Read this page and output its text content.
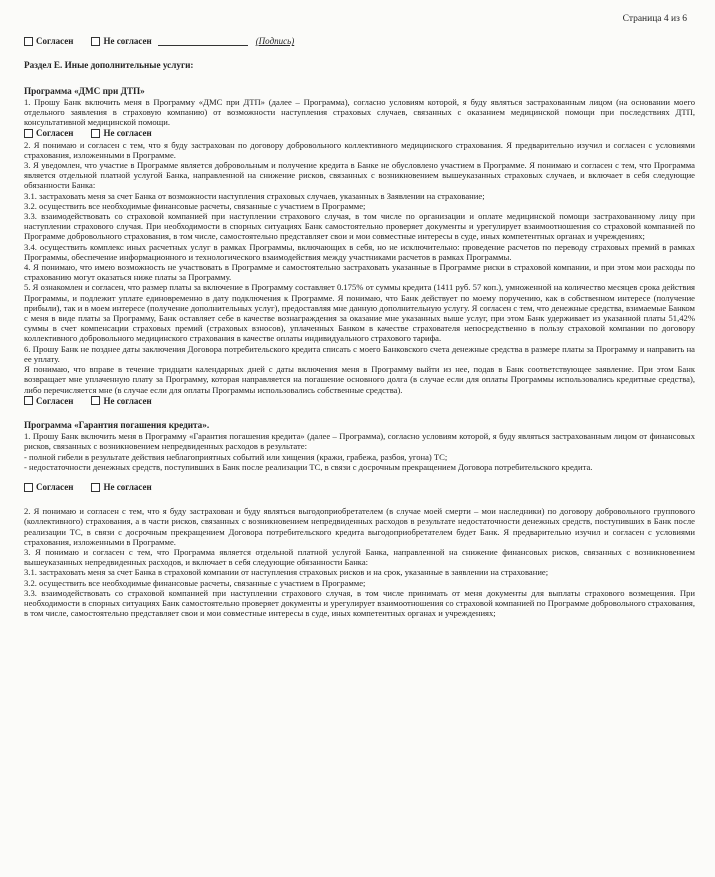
Страница 4 из 6
Согласен	Не согласен	(Подпись)
Раздел Е. Иные дополнительные услуги:
Программа «ДМС при ДТП»

1. Прошу Банк включить меня в Программу «ДМС при ДТП» (далее – Программа), согласно условиям которой, я буду являться застрахованным лицом (на основании моего отдельного заявления в страховую компанию) от возможности наступления страховых случаев, связанных с оказанием медицинской помощи при последствиях ДТП, консультативной медицинской помощи.

Согласен	Не согласен

2. Я понимаю и согласен с тем, что я буду застрахован по договору добровольного коллективного медицинского страхования. Я предварительно изучил и согласен с условиями страхования, изложенными в Программе.

3. Я уведомлен, что участие в Программе является добровольным и получение кредита в Банке не обусловлено участием в Программе. Я понимаю и согласен с тем, что Программа является отдельной платной услугой Банка, направленной на снижение рисков, связанных с возникновением вышеуказанных страховых случаев, и включает в себя следующие обязанности Банка:

3.1. застраховать меня за счет Банка от возможности наступления страховых случаев, указанных в Заявлении на страхование;

3.2. осуществить все необходимые финансовые расчеты, связанные с участием в Программе;

3.3. взаимодействовать со страховой компанией при наступлении страхового случая, в том числе по организации и оплате медицинской помощи застрахованному лицу при наступлении страхового случая. При необходимости в спорных ситуациях Банк самостоятельно проверяет документы и урегулирует взаимоотношения со страховой компанией по Программе добровольного страхования, в том числе, самостоятельно представляет свои и мои совместные интересы в суде, иных компетентных органах и учреждениях;

3.4. осуществить комплекс иных расчетных услуг в рамках Программы, включающих в себя, но не исключительно: проведение расчетов по переводу страховых премий в рамках Программы, обеспечение информационного и технологического взаимодействия между участниками расчетов в рамках Программы.

4. Я понимаю, что имею возможность не участвовать в Программе и самостоятельно застраховать указанные в Программе риски в страховой компании, и при этом мои расходы по страхованию могут оказаться ниже платы за Программу.

5. Я ознакомлен и согласен, что размер платы за включение в Программу составляет 0.175% от суммы кредита (1411 руб. 57 коп.), умноженной на количество месяцев срока действия Программы, и подлежит уплате единовременно в дату подключения к Программе. Я понимаю, что Банк действует по моему поручению, как в собственном интересе (получение прибыли), так и в моем интересе (получение дополнительных услуг), предоставляя мне данную дополнительную услугу. Я согласен с тем, что денежные средства, взимаемые Банком с меня в виде платы за Программу, Банк оставляет себе в качестве вознаграждения за оказание мне указанных выше услуг, при этом Банк удерживает из указанной платы 51,42% суммы в счет компенсации страховых премий (страховых взносов), уплаченных Банком в качестве страхователя непосредственно в пользу страховой компании по договору коллективного добровольного медицинского страхования в качестве оплаты индивидуального страхового тарифа.

6. Прошу Банк не позднее даты заключения Договора потребительского кредита списать с моего Банковского счета денежные средства в размере платы за Программу и направить на ее уплату.

Я понимаю, что вправе в течение тридцати календарных дней с даты включения меня в Программу выйти из нее, подав в Банк соответствующее заявление. При этом Банк возвращает мне уплаченную плату за Программу, которая направляется на погашение основного долга (в случае если для оплаты Программы использовались кредитные средства), либо перечисляется мне (в случае если для оплаты Программы использовались собственные средства).

Согласен	Не согласен
Программа «Гарантия погашения кредита».

1. Прошу Банк включить меня в Программу «Гарантия погашения кредита» (далее – Программа), согласно условиям которой, я буду являться застрахованным лицом от финансовых рисков, связанных с возникновением непредвиденных расходов в результате:

- полной гибели в результате действия неблагоприятных событий или хищения (кражи, грабежа, разбоя, угона) ТС;

- недостаточности денежных средств, поступивших в Банк после реализации ТС, в связи с досрочным прекращением Договора потребительского кредита.

Согласен	Не согласен

2. Я понимаю и согласен с тем, что я буду застрахован и буду являться выгодоприобретателем (в случае моей смерти – мои наследники) по договору добровольного группового (коллективного) страхования, а в части рисков, связанных с возникновением непредвиденных расходов в результате недостаточности денежных средств, поступивших в Банк после реализации ТС, в связи с досрочным прекращением Договора потребительского кредита выгодоприобретателем будет Банк. Я предварительно изучил и согласен с условиями страхования, изложенными в Программе.

3. Я понимаю и согласен с тем, что Программа является отдельной платной услугой Банка, направленной на снижение финансовых рисков, связанных с возникновением вышеуказанных непредвиденных расходов, и включает в себя следующие обязанности Банка:

3.1. застраховать меня за счет Банка в страховой компании от наступления страховых рисков и на срок, указанные в заявлении на страхование;

3.2. осуществить все необходимые финансовые расчеты, связанные с участием в Программе;

3.3. взаимодействовать со страховой компанией при наступлении страхового случая, в том числе принимать от меня документы для выплаты страхового возмещения. При необходимости в спорных ситуациях Банк самостоятельно проверяет документы и урегулирует взаимоотношения со страховой компанией по Программе добровольного страхования, в том числе, самостоятельно представляет свои и мои совместные интересы в суде, иных компетентных органах и учреждениях;
